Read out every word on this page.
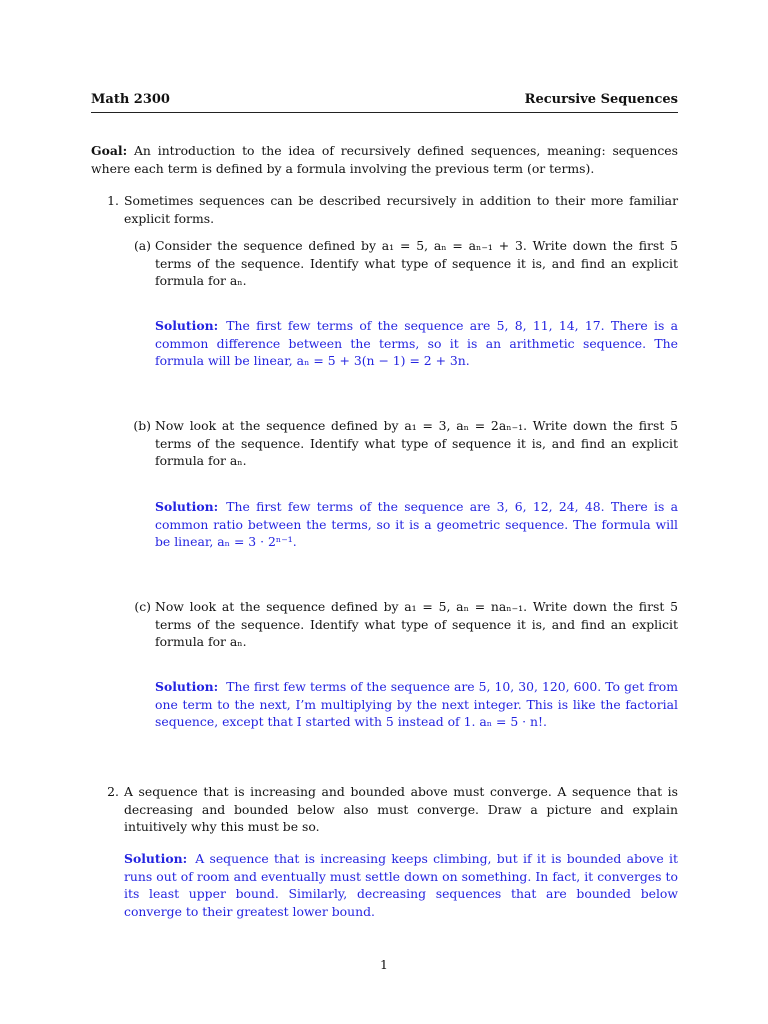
Math 2300	Recursive Sequences
Goal: An introduction to the idea of recursively defined sequences, meaning: sequences where each term is defined by a formula involving the previous term (or terms).
1. Sometimes sequences can be described recursively in addition to their more familiar explicit forms.
(a) Consider the sequence defined by a₁ = 5, aₙ = aₙ₋₁ + 3. Write down the first 5 terms of the sequence. Identify what type of sequence it is, and find an explicit formula for aₙ.
Solution: The first few terms of the sequence are 5, 8, 11, 14, 17. There is a common difference between the terms, so it is an arithmetic sequence. The formula will be linear, aₙ = 5 + 3(n − 1) = 2 + 3n.
(b) Now look at the sequence defined by a₁ = 3, aₙ = 2aₙ₋₁. Write down the first 5 terms of the sequence. Identify what type of sequence it is, and find an explicit formula for aₙ.
Solution: The first few terms of the sequence are 3, 6, 12, 24, 48. There is a common ratio between the terms, so it is a geometric sequence. The formula will be linear, aₙ = 3 · 2ⁿ⁻¹.
(c) Now look at the sequence defined by a₁ = 5, aₙ = naₙ₋₁. Write down the first 5 terms of the sequence. Identify what type of sequence it is, and find an explicit formula for aₙ.
Solution: The first few terms of the sequence are 5, 10, 30, 120, 600. To get from one term to the next, I’m multiplying by the next integer. This is like the factorial sequence, except that I started with 5 instead of 1. aₙ = 5 · n!.
2. A sequence that is increasing and bounded above must converge. A sequence that is decreasing and bounded below also must converge. Draw a picture and explain intuitively why this must be so.
Solution: A sequence that is increasing keeps climbing, but if it is bounded above it runs out of room and eventually must settle down on something. In fact, it converges to its least upper bound. Similarly, decreasing sequences that are bounded below converge to their greatest lower bound.
1
